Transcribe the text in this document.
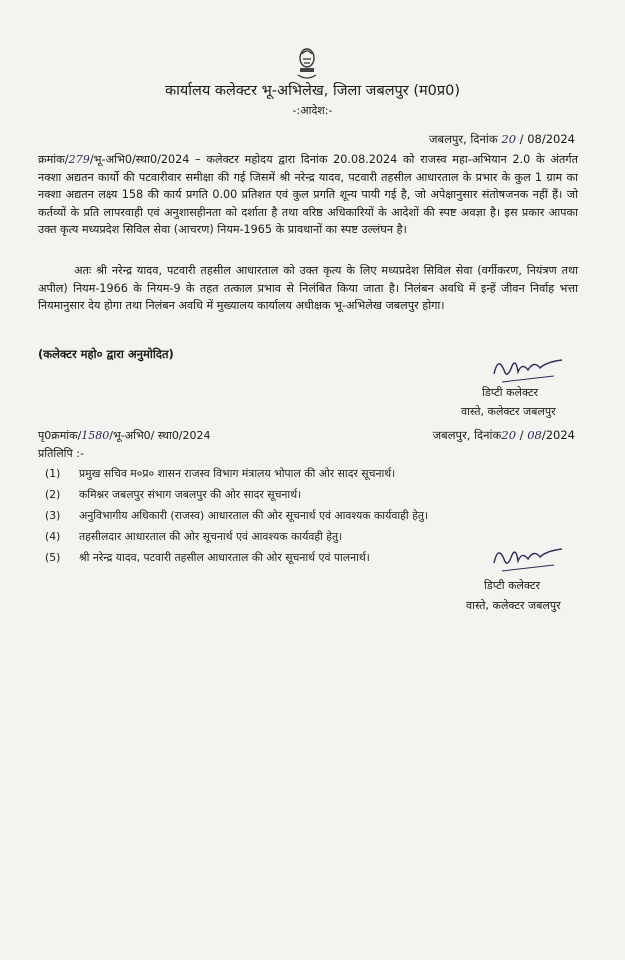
कार्यालय कलेक्टर भू-अभिलेख, जिला जबलपुर (म0प्र0)
-:आदेश:-
जबलपुर, दिनांक 20 / 08/2024
क्रमांक/279/भू-अभि0/स्था0/2024 – कलेक्टर महोदय द्वारा दिनांक 20.08.2024 को राजस्व महा-अभियान 2.0 के अंतर्गत नक्शा अद्यतन कार्यो की पटवारीवार समीक्षा की गई जिसमें श्री नरेन्द्र यादव, पटवारी तहसील आधारताल के प्रभार के कुल 1 ग्राम का नक्शा अद्यतन लक्ष्य 158 की कार्य प्रगति 0.00 प्रतिशत एवं कुल प्रगति शून्य पायी गई है, जो अपेक्षानुसार संतोषजनक नहीं हैं। जो कर्तव्यों के प्रति लापरवाही एवं अनुशासहीनता को दर्शाता है तथा वरिष्ठ अधिकारियों के आदेशों की स्पष्ट अवज्ञा है। इस प्रकार आपका उक्त कृत्य मध्यप्रदेश सिविल सेवा (आचरण) नियम-1965 के प्रावधानों का स्पष्ट उल्लंघन है।
अतः श्री नरेन्द्र यादव, पटवारी तहसील आधारताल को उक्त कृत्य के लिए मध्यप्रदेश सिविल सेवा (वर्गीकरण, नियंत्रण तथा अपील) नियम-1966 के नियम-9 के तहत तत्काल प्रभाव से निलंबित किया जाता है। निलंबन अवधि में इन्हें जीवन निर्वाह भत्ता नियमानुसार देय होगा तथा निलंबन अवधि में मुख्यालय कार्यालय अधीक्षक भू-अभिलेख जबलपुर होगा।
(कलेक्टर महो० द्वारा अनुमोदित)
डिप्टी कलेक्टर
वास्ते, कलेक्टर जबलपुर
पृ0क्रमांक/1580/भू-अभि0/ स्था0/2024	जबलपुर, दिनांक20 / 08/2024
प्रतिलिपि :-
(1) प्रमुख सचिव म०प्र० शासन राजस्व विभाग मंत्रालय भोपाल की ओर सादर सूचनार्थ।
(2) कमिश्नर जबलपुर संभाग जबलपुर की ओर सादर सूचनार्थ।
(3) अनुविभागीय अधिकारी (राजस्व) आधारताल की ओर सूचनार्थ एवं आवश्यक कार्यवाही हेतु।
(4) तहसीलदार आधारताल की ओर सूचनार्थ एवं आवश्यक कार्यवही हेतु।
(5) श्री नरेन्द्र यादव, पटवारी तहसील आधारताल की ओर सूचनार्थ एवं पालनार्थ।
डिप्टी कलेक्टर
वास्ते, कलेक्टर जबलपुर
